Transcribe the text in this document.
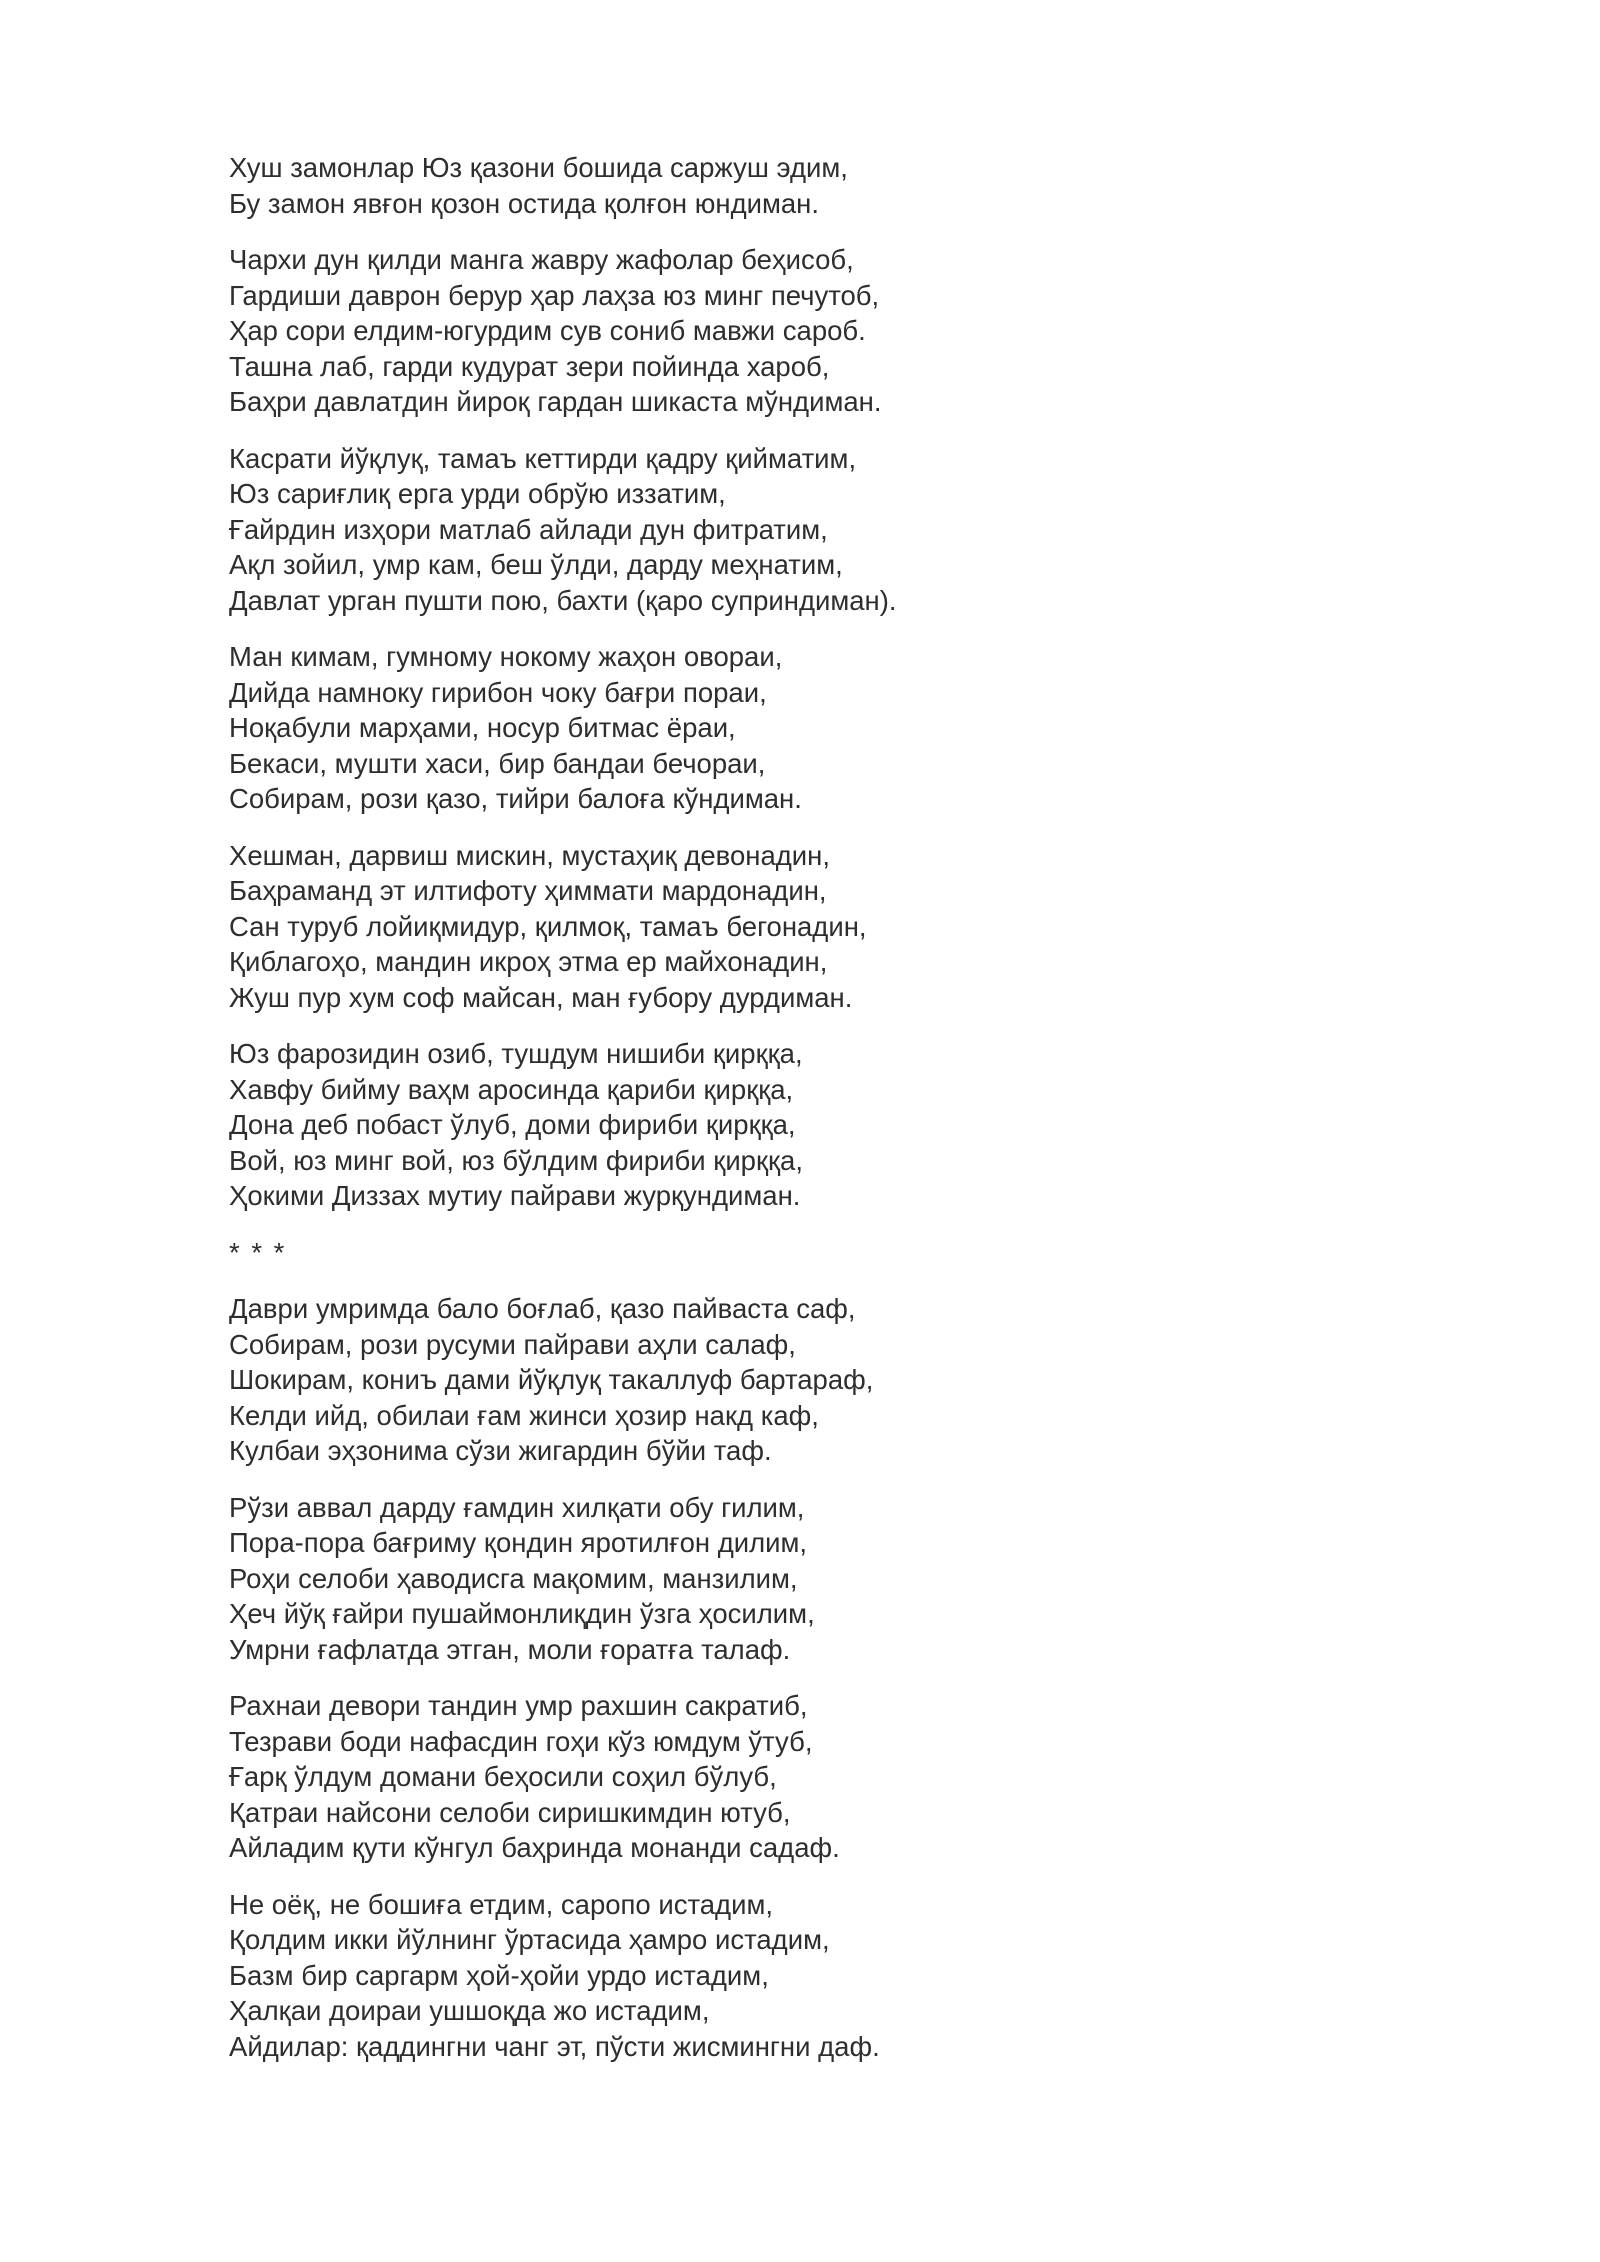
Хуш замонлар Юз қазони бошида саржуш эдим,
Бу замон явғон қозон остида қолғон юндиман.
Чархи дун қилди манга жавру жафолар беҳисоб,
Гардиши даврон берур ҳар лаҳза юз минг печутоб,
Ҳар сори елдим-югурдим сув сониб мавжи сароб.
Ташна лаб, гарди кудурат зери пойинда хароб,
Баҳри давлатдин йироқ гардан шикаста мўндиман.
Касрати йўқлуқ, тамаъ кеттирди қадру қийматим,
Юз сариғлиқ ерга урди обрўю иззатим,
Ғайрдин изҳори матлаб айлади дун фитратим,
Ақл зойил, умр кам, беш ўлди, дарду меҳнатим,
Давлат урган пушти пою, бахти (қаро суприндиман).
Ман кимам, гумному нокому жаҳон овораи,
Дийда намноку гирибон чоку бағри пораи,
Ноқабули марҳами, носур битмас ёраи,
Бекаси, мушти хаси, бир бандаи бечораи,
Собирам, рози қазо, тийри балоға кўндиман.
Хешман, дарвиш мискин, мустаҳиқ девонадин,
Баҳраманд эт илтифоту ҳиммати мардонадин,
Сан туруб лойиқмидур, қилмоқ, тамаъ бегонадин,
Қиблагоҳо, мандин икроҳ этма ер майхонадин,
Жуш пур хум соф майсан, ман ғубору дурдиман.
Юз фарозидин озиб, тушдум нишиби қирққа,
Хавфу бийму ваҳм аросинда қариби қирққа,
Дона деб побаст ўлуб, доми фириби қирққа,
Вой, юз минг вой, юз бўлдим фириби қирққа,
Ҳокими Диззах мутиу пайрави журқундиман.
* * *
Даври умримда бало боғлаб, қазо пайваста саф,
Собирам, рози русуми пайрави аҳли салаф,
Шокирам, кониъ дами йўқлуқ такаллуф бартараф,
Келди ийд, обилаи ғам жинси ҳозир накд каф,
Кулбаи эҳзонима сўзи жигардин бўйи таф.
Рўзи аввал дарду ғамдин хилқати обу гилим,
Пора-пора бағриму қондин яротилғон дилим,
Роҳи селоби ҳаводисга мақомим, манзилим,
Ҳеч йўқ ғайри пушаймонлиқдин ўзга ҳосилим,
Умрни ғафлатда этган, моли ғоратға талаф.
Рахнаи девори тандин умр рахшин сакратиб,
Тезрави боди нафасдин гоҳи кўз юмдум ўтуб,
Ғарқ ўлдум домани беҳосили соҳил бўлуб,
Қатраи найсони селоби сиришкимдин ютуб,
Айладим қути кўнгул баҳринда монанди садаф.
Не оёқ, не бошиға етдим, саропо истадим,
Қолдим икки йўлнинг ўртасида ҳамро истадим,
Базм бир саргарм ҳой-ҳойи урдо истадим,
Ҳалқаи доираи ушшоқда жо истадим,
Айдилар: қаддингни чанг эт, пўсти жисмингни даф.
